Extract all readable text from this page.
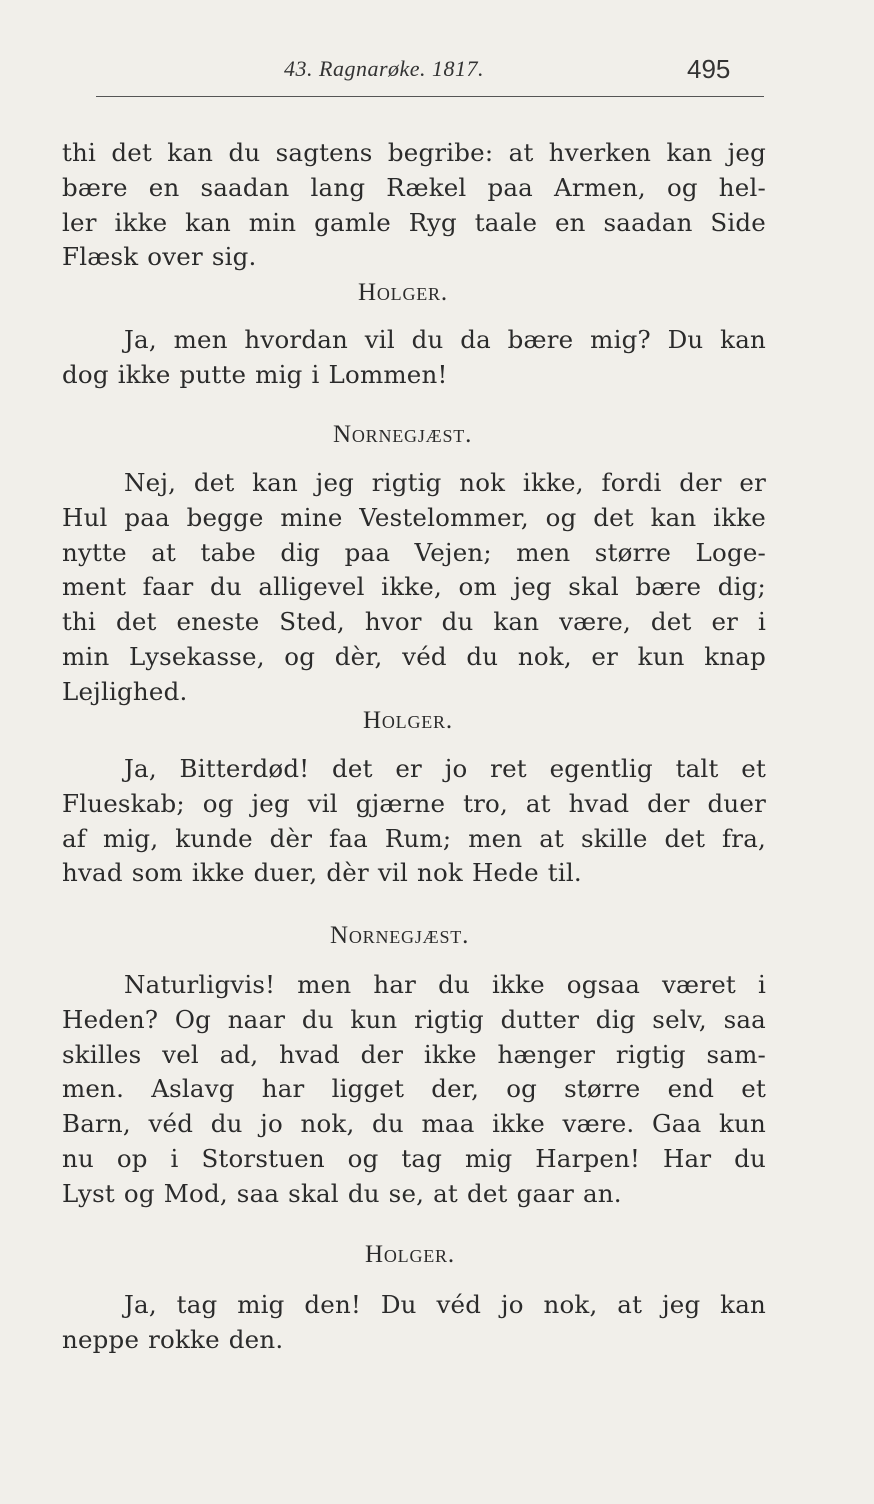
43. Ragnarøke. 1817.	495
thi det kan du sagtens begribe: at hverken kan jeg
bære en saadan lang Rækel paa Armen, og hel-
ler ikke kan min gamle Ryg taale en saadan Side
Flæsk over sig.
Holger.
Ja, men hvordan vil du da bære mig? Du kan
dog ikke putte mig i Lommen!
Nornegjæst.
Nej, det kan jeg rigtig nok ikke, fordi der er
Hul paa begge mine Vestelommer, og det kan ikke
nytte at tabe dig paa Vejen; men større Loge-
ment faar du alligevel ikke, om jeg skal bære dig;
thi det eneste Sted, hvor du kan være, det er i
min Lysekasse, og dèr, véd du nok, er kun knap
Lejlighed.
Holger.
Ja, Bitterdød! det er jo ret egentlig talt et
Flueskab; og jeg vil gjærne tro, at hvad der duer
af mig, kunde dèr faa Rum; men at skille det fra,
hvad som ikke duer, dèr vil nok Hede til.
Nornegjæst.
Naturligvis! men har du ikke ogsaa været i
Heden? Og naar du kun rigtig dutter dig selv, saa
skilles vel ad, hvad der ikke hænger rigtig sam-
men. Aslavg har ligget der, og større end et
Barn, véd du jo nok, du maa ikke være. Gaa kun
nu op i Storstuen og tag mig Harpen! Har du
Lyst og Mod, saa skal du se, at det gaar an.
Holger.
Ja, tag mig den! Du véd jo nok, at jeg kan
neppe rokke den.
